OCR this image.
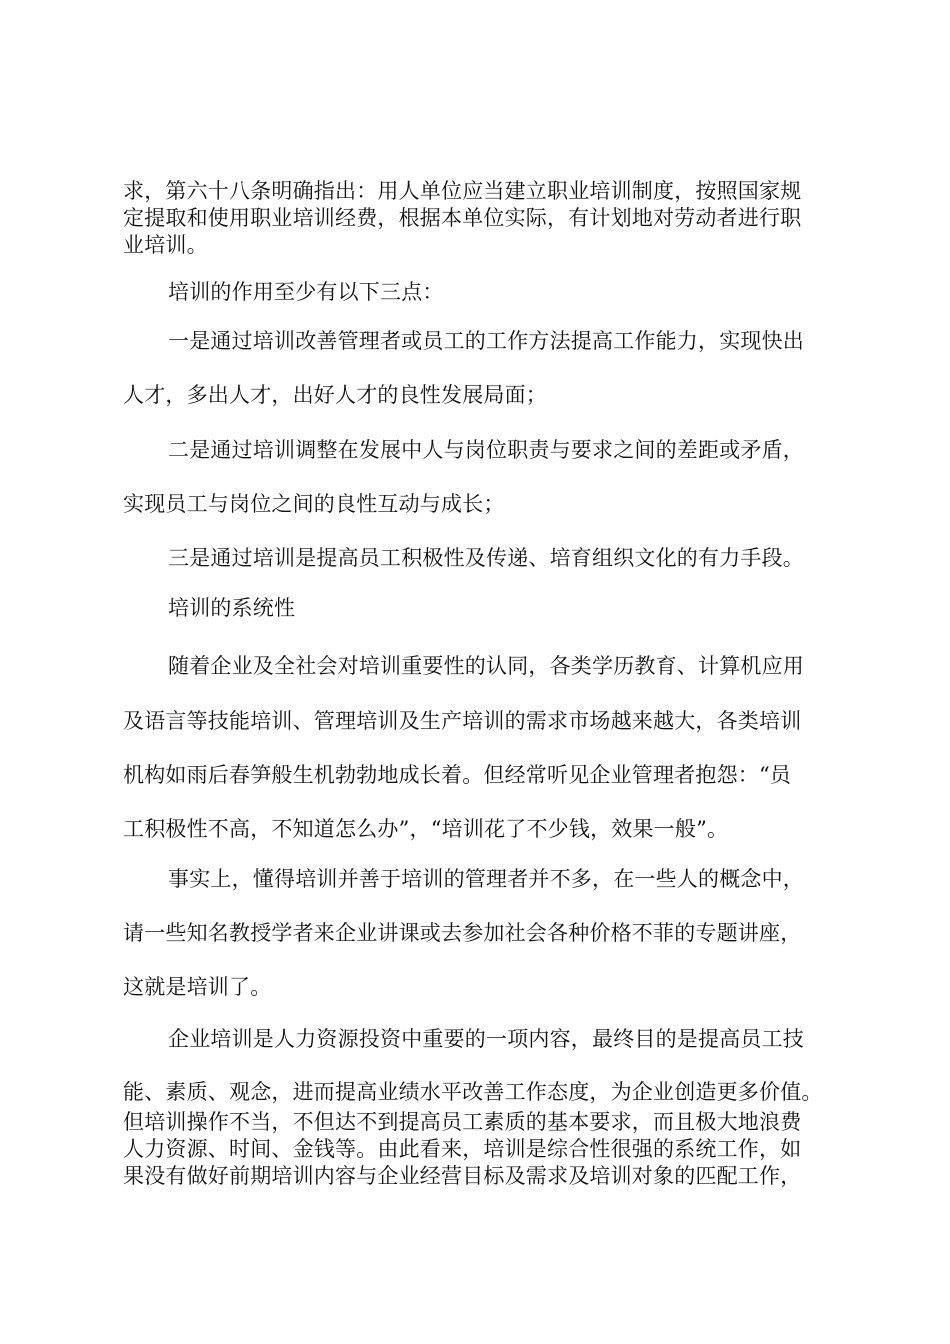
求，第六十八条明确指出：用人单位应当建立职业培训制度，按照国家规
定提取和使用职业培训经费，根据本单位实际，有计划地对劳动者进行职
业培训。
培训的作用至少有以下三点：
一是通过培训改善管理者或员工的工作方法提高工作能力，实现快出
人才，多出人才，出好人才的良性发展局面；
二是通过培训调整在发展中人与岗位职责与要求之间的差距或矛盾，
实现员工与岗位之间的良性互动与成长；
三是通过培训是提高员工积极性及传递、培育组织文化的有力手段。
培训的系统性
随着企业及全社会对培训重要性的认同，各类学历教育、计算机应用
及语言等技能培训、管理培训及生产培训的需求市场越来越大，各类培训
机构如雨后春笋般生机勃勃地成长着。但经常听见企业管理者抱怨：“员
工积极性不高，不知道怎么办”，“培训花了不少钱，效果一般”。
事实上，懂得培训并善于培训的管理者并不多，在一些人的概念中，
请一些知名教授学者来企业讲课或去参加社会各种价格不菲的专题讲座，
这就是培训了。
企业培训是人力资源投资中重要的一项内容，最终目的是提高员工技
能、素质、观念，进而提高业绩水平改善工作态度，为企业创造更多价值。
但培训操作不当，不但达不到提高员工素质的基本要求，而且极大地浪费
人力资源、时间、金钱等。由此看来，培训是综合性很强的系统工作，如
果没有做好前期培训内容与企业经营目标及需求及培训对象的匹配工作，
